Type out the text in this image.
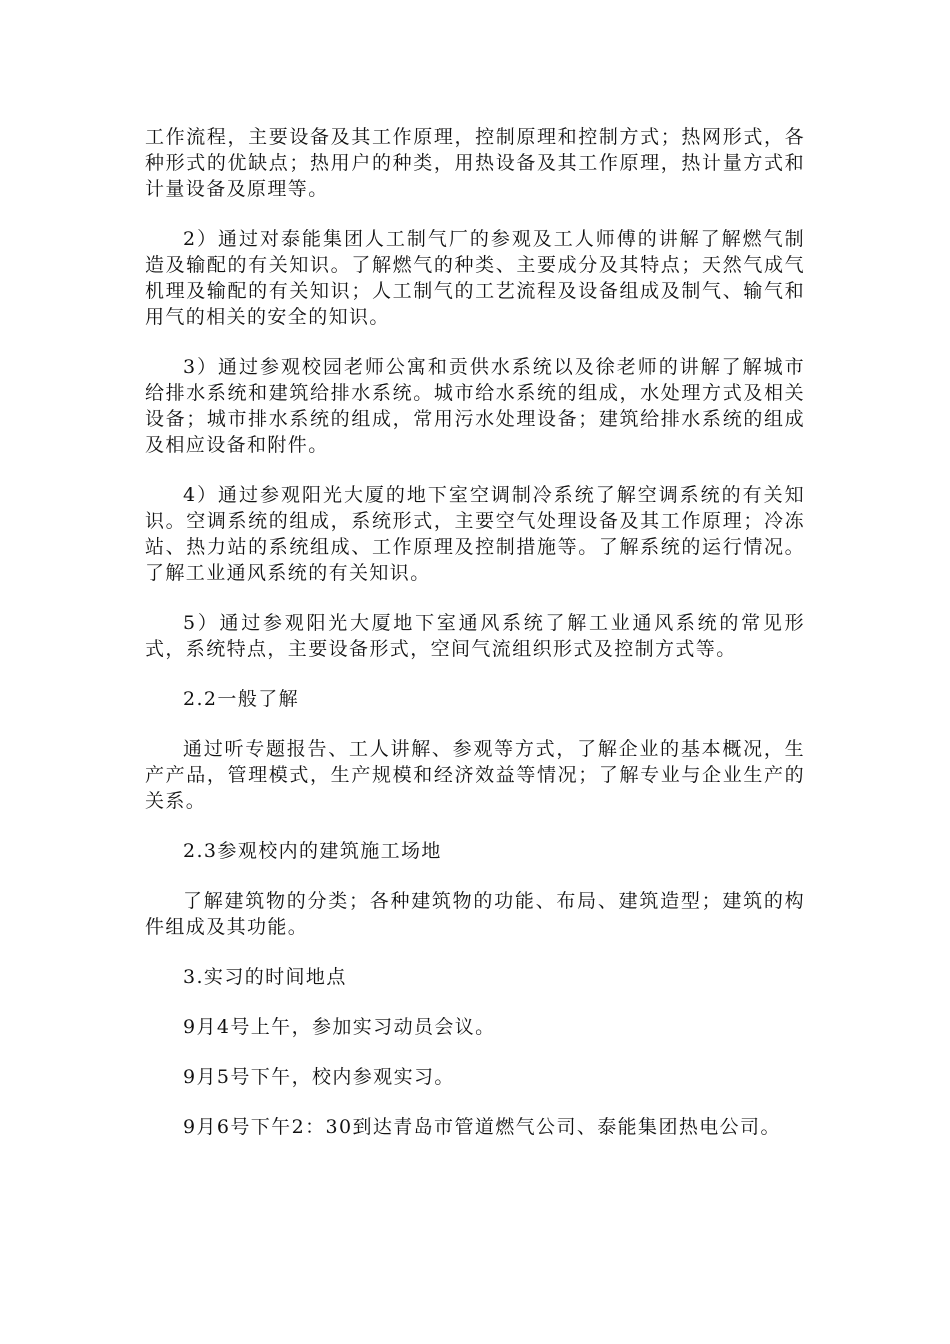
工作流程，主要设备及其工作原理，控制原理和控制方式；热网形式，各种形式的优缺点；热用户的种类，用热设备及其工作原理，热计量方式和计量设备及原理等。

2）通过对泰能集团人工制气厂的参观及工人师傅的讲解了解燃气制造及输配的有关知识。了解燃气的种类、主要成分及其特点；天然气成气机理及输配的有关知识；人工制气的工艺流程及设备组成及制气、输气和用气的相关的安全的知识。

3）通过参观校园老师公寓和贡供水系统以及徐老师的讲解了解城市给排水系统和建筑给排水系统。城市给水系统的组成，水处理方式及相关设备；城市排水系统的组成，常用污水处理设备；建筑给排水系统的组成及相应设备和附件。

4）通过参观阳光大厦的地下室空调制冷系统了解空调系统的有关知识。空调系统的组成，系统形式，主要空气处理设备及其工作原理；冷冻站、热力站的系统组成、工作原理及控制措施等。了解系统的运行情况。了解工业通风系统的有关知识。

5）通过参观阳光大厦地下室通风系统了解工业通风系统的常见形式，系统特点，主要设备形式，空间气流组织形式及控制方式等。

2.2一般了解

通过听专题报告、工人讲解、参观等方式，了解企业的基本概况，生产产品，管理模式，生产规模和经济效益等情况；了解专业与企业生产的关系。

2.3参观校内的建筑施工场地

了解建筑物的分类；各种建筑物的功能、布局、建筑造型；建筑的构件组成及其功能。

3.实习的时间地点

9月4号上午，参加实习动员会议。

9月5号下午，校内参观实习。

9月6号下午2：30到达青岛市管道燃气公司、泰能集团热电公司。
